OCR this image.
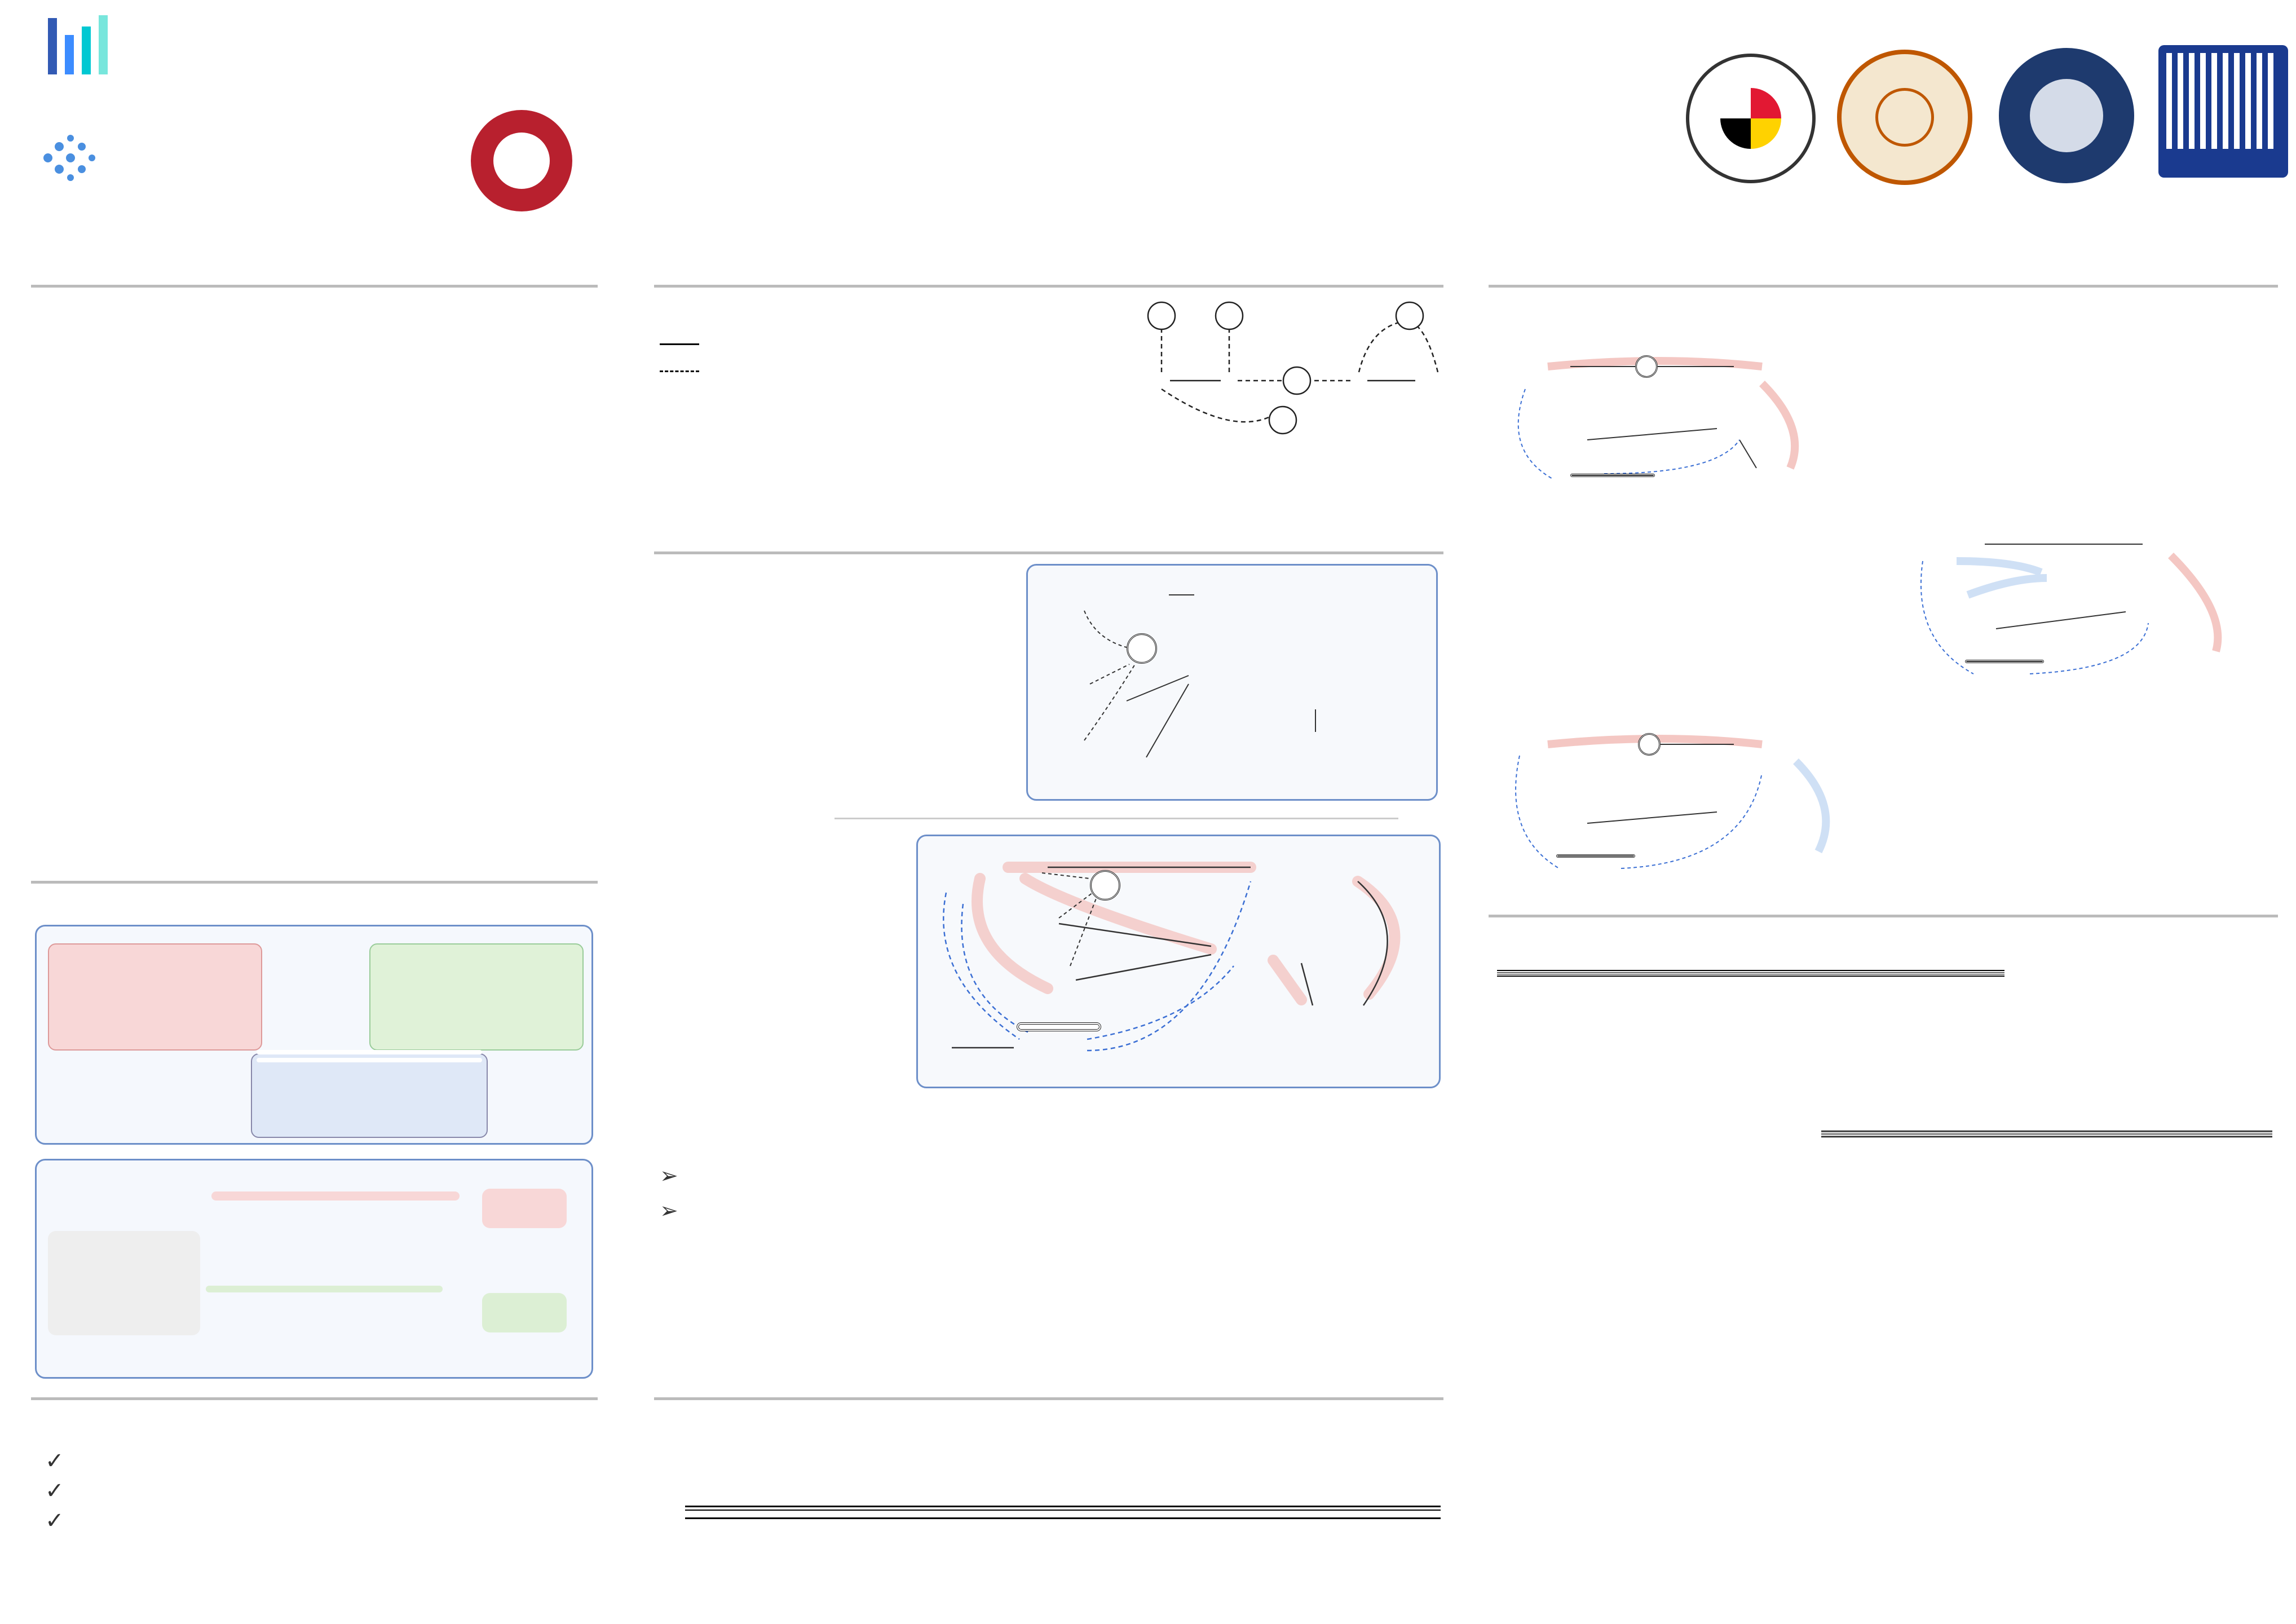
✓
✓
✓

➢
➢
